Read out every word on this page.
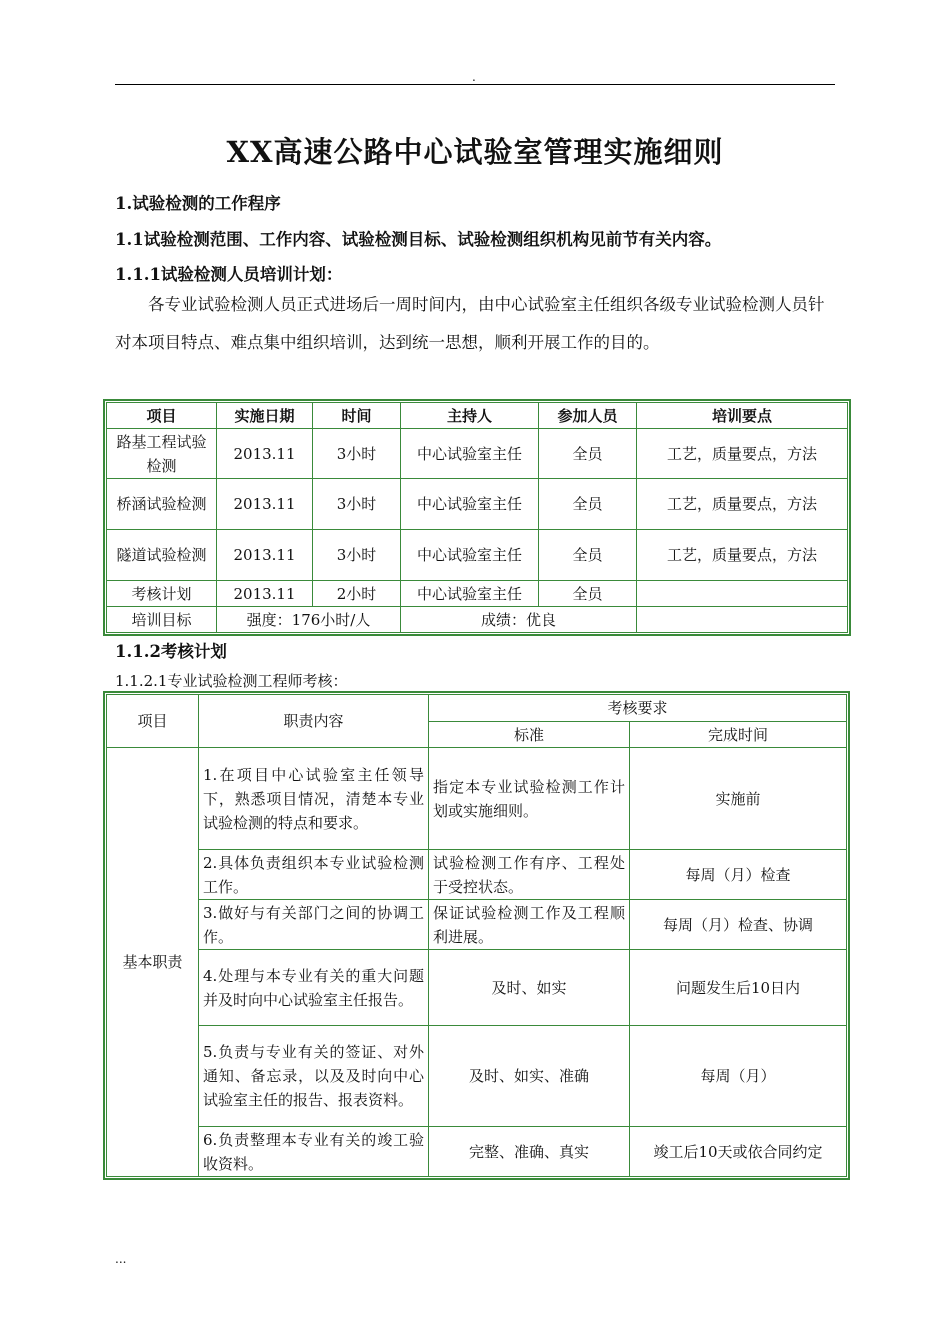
.
XX高速公路中心试验室管理实施细则
1.试验检测的工作程序
1.1试验检测范围、工作内容、试验检测目标、试验检测组织机构见前节有关内容。
1.1.1试验检测人员培训计划：
各专业试验检测人员正式进场后一周时间内，由中心试验室主任组织各级专业试验检测人员针对本项目特点、难点集中组织培训，达到统一思想，顺利开展工作的目的。
项目	实施日期	时间	主持人	参加人员	培训要点
路基工程试验检测	2013.11	3小时	中心试验室主任	全员	工艺，质量要点，方法
桥涵试验检测	2013.11	3小时	中心试验室主任	全员	工艺，质量要点，方法
隧道试验检测	2013.11	3小时	中心试验室主任	全员	工艺，质量要点，方法
考核计划	2013.11	2小时	中心试验室主任	全员	
培训目标	强度：176小时/人		成绩：优良		
1.1.2考核计划
1.1.2.1专业试验检测工程师考核：
项目	职责内容	考核要求	
		标准	完成时间
基本职责	1.在项目中心试验室主任领导下，熟悉项目情况，清楚本专业试验检测的特点和要求。	指定本专业试验检测工作计划或实施细则。	实施前
	2.具体负责组织本专业试验检测工作。	试验检测工作有序、工程处于受控状态。	每周（月）检查
	3.做好与有关部门之间的协调工作。	保证试验检测工作及工程顺利进展。	每周（月）检查、协调
	4.处理与本专业有关的重大问题并及时向中心试验室主任报告。	及时、如实	问题发生后10日内
	5.负责与专业有关的签证、对外通知、备忘录，以及及时向中心试验室主任的报告、报表资料。	及时、如实、准确	每周（月）
	6.负责整理本专业有关的竣工验收资料。	完整、准确、真实	竣工后10天或依合同约定
...
